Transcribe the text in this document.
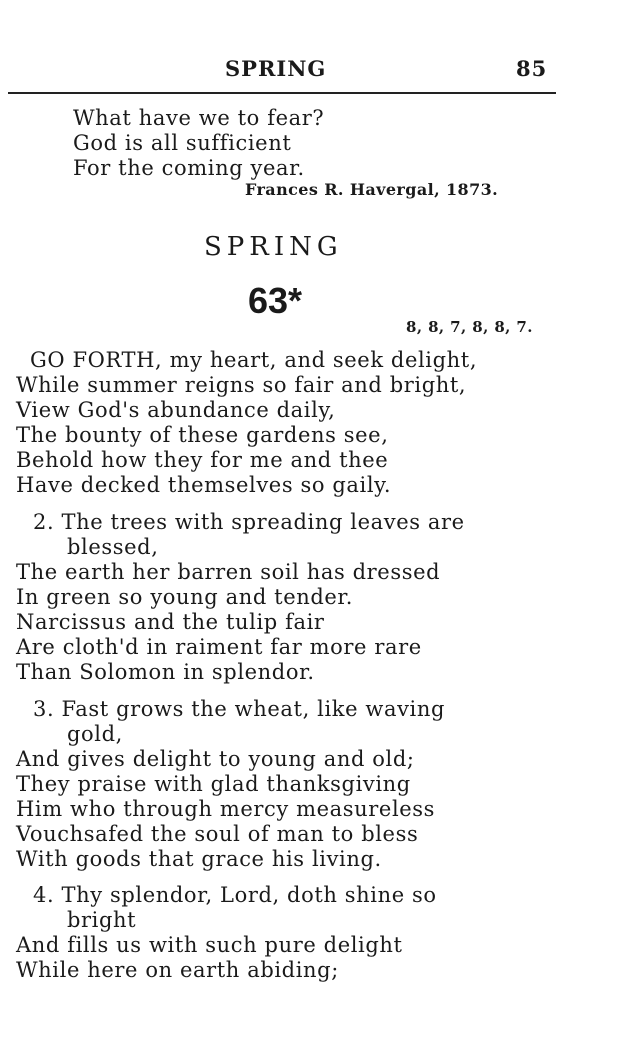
SPRING	85
What have we to fear?
God is all sufficient
For the coming year.
Frances R. Havergal, 1873.
SPRING
63*
8, 8, 7, 8, 8, 7.
GO FORTH, my heart, and seek delight,
While summer reigns so fair and bright,
View God's abundance daily,
The bounty of these gardens see,
Behold how they for me and thee
Have decked themselves so gaily.
2. The trees with spreading leaves are
blessed,
The earth her barren soil has dressed
In green so young and tender.
Narcissus and the tulip fair
Are cloth'd in raiment far more rare
Than Solomon in splendor.
3. Fast grows the wheat, like waving
gold,
And gives delight to young and old;
They praise with glad thanksgiving
Him who through mercy measureless
Vouchsafed the soul of man to bless
With goods that grace his living.
4. Thy splendor, Lord, doth shine so
bright
And fills us with such pure delight
While here on earth abiding;
